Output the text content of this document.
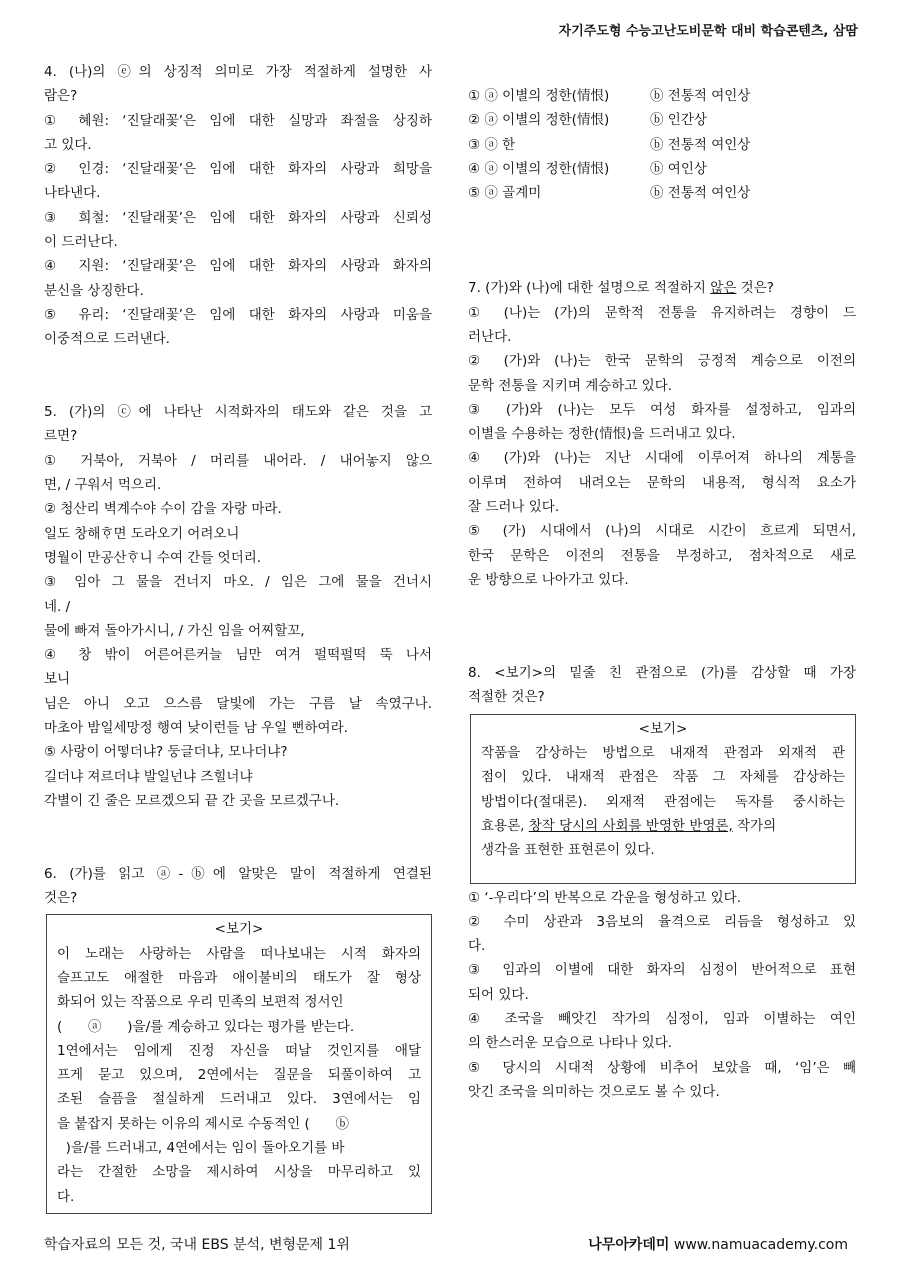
자기주도형 수능고난도비문학 대비 학습콘텐츠, 삼땀
4. (나)의 ⓔ의 상징적 의미로 가장 적절하게 설명한 사
람은?
① 혜원: ‘진달래꽃’은 임에 대한 실망과 좌절을 상징하
고 있다.
② 인경: ‘진달래꽃’은 임에 대한 화자의 사랑과 희망을
나타낸다.
③ 희철: ‘진달래꽃’은 임에 대한 화자의 사랑과 신뢰성
이 드러난다.
④ 지원: ‘진달래꽃’은 임에 대한 화자의 사랑과 화자의
분신을 상징한다.
⑤ 유리: ‘진달래꽃’은 임에 대한 화자의 사랑과 미움을
이중적으로 드러낸다.
5. (가)의 ⓒ에 나타난 시적화자의 태도와 같은 것을 고
르면?
① 거북아, 거북아 / 머리를 내어라. / 내어놓지 않으
면, / 구워서 먹으리.
② 청산리 벽계수야 수이 감을 자랑 마라.
일도 창해ᄒᆞ면 도라오기 어려오니
명월이 만공산ᄒᆞ니 수여 간들 엇더리.
③ 임아 그 물을 건너지 마오. / 임은 그에 물을 건너시
네. /
물에 빠져 돌아가시니, / 가신 임을 어찌할꼬,
④ 창 밖이 어른어른커늘 님만 여겨 펄떡펄떡 뚝 나서
보니
님은 아니 오고 으스름 달빛에 가는 구름 날 속였구나.
마초아 밤일세망정 행여 낮이런들 남 우일 뻔하여라.
⑤ 사랑이 어떻더냐? 둥글더냐, 모나더냐?
길더냐 져르더냐 발일넌냐 즈힐너냐
각별이 긴 줄은 모르겠으되 끝 간 곳을 모르겠구나.
6. (가)를 읽고 ⓐ-ⓑ에 알맞은 말이 적절하게 연결된
것은?
<보기>
이 노래는 사랑하는 사람을 떠나보내는 시적 화자의
슬프고도 애절한 마음과 애이불비의 태도가 잘 형상
화되어 있는 작품으로 우리 민족의 보편적 정서인
(      ⓐ      )을/를 계승하고 있다는 평가를 받는다.
1연에서는 임에게 진정 자신을 떠날 것인지를 애달
프게 묻고 있으며, 2연에서는 질문을 되풀이하여 고
조된 슬픔을 절실하게 드러내고 있다. 3연에서는 임
을 붙잡지 못하는 이유의 제시로 수동적인 (      ⓑ
)을/를 드러내고, 4연에서는 임이 돌아오기를 바
라는 간절한 소망을 제시하여 시상을 마무리하고 있
다.
① ⓐ 이별의 정한(情恨)	ⓑ 전통적 여인상
② ⓐ 이별의 정한(情恨)	ⓑ 인간상
③ ⓐ 한	ⓑ 전통적 여인상
④ ⓐ 이별의 정한(情恨)	ⓑ 여인상
⑤ ⓐ 골계미	ⓑ 전통적 여인상
7. (가)와 (나)에 대한 설명으로 적절하지 않은 것은?
① (나)는 (가)의 문학적 전통을 유지하려는 경향이 드
러난다.
② (가)와 (나)는 한국 문학의 긍정적 계승으로 이전의
문학 전통을 지키며 계승하고 있다.
③ (가)와 (나)는 모두 여성 화자를 설정하고, 임과의
이별을 수용하는 정한(情恨)을 드러내고 있다.
④ (가)와 (나)는 지난 시대에 이루어져 하나의 계통을
이루며 전하여 내려오는 문학의 내용적, 형식적 요소가
잘 드러나 있다.
⑤ (가) 시대에서 (나)의 시대로 시간이 흐르게 되면서,
한국 문학은 이전의 전통을 부정하고, 점차적으로 새로
운 방향으로 나아가고 있다.
8. <보기>의 밑줄 친 관점으로 (가)를 감상할 때 가장
적절한 것은?
<보기>
작품을 감상하는 방법으로 내재적 관점과 외재적 관
점이 있다. 내재적 관점은 작품 그 자체를 감상하는
방법이다(절대론). 외재적 관점에는 독자를 중시하는
효용론, 창작 당시의 사회를 반영한 반영론, 작가의
생각을 표현한 표현론이 있다.
① ‘-우리다’의 반복으로 각운을 형성하고 있다.
② 수미 상관과 3음보의 율격으로 리듬을 형성하고 있
다.
③ 임과의 이별에 대한 화자의 심정이 반어적으로 표현
되어 있다.
④ 조국을 빼앗긴 작가의 심정이, 임과 이별하는 여인
의 한스러운 모습으로 나타나 있다.
⑤ 당시의 시대적 상황에 비추어 보았을 때, ‘임’은 빼
앗긴 조국을 의미하는 것으로도 볼 수 있다.
학습자료의 모든 것, 국내 EBS 분석, 변형문제 1위	나무아카데미 www.namuacademy.com
